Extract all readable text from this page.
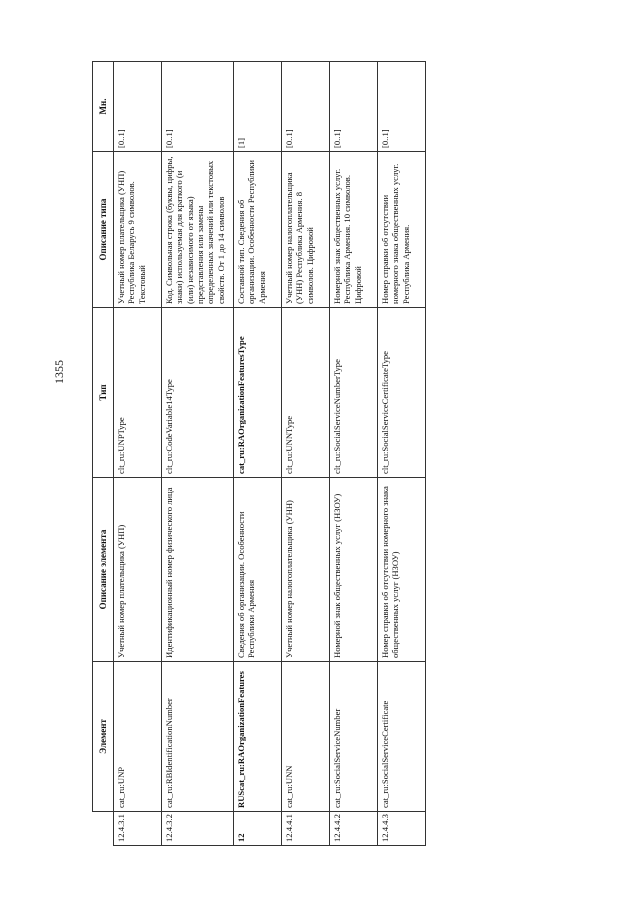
1355
	Элемент	Описание элемента	Тип	Описание типа	Мн.
12.4.3.1	cat_ru:UNP	Учетный номер плательщика (УНП)	clt_ru:UNPType	Учетный номер плательщика (УНП) Республика Беларусь 9 символов. Текстовый	[0..1]
12.4.3.2	cat_ru:RBIdentificationNumber	Идентификационный номер физического лица	clt_ru:CodeVariable14Type	Код. Символьная строка (буквы, цифры, знаки) используемая для краткого (и (или) независимого от языка) представления или замены определенных значений или текстовых свойств. От 1 до 14 символов	[0..1]
12	RUScat_ru:RAOrganizationFeatures	Сведения об организации. Особенности Республики Армения	cat_ru:RAOrganizationFeaturesType	Составной тип. Сведения об организации. Особенности Республики Армения	[1]
12.4.4.1	cat_ru:UNN	Учетный номер налогоплательщика (УНН)	clt_ru:UNNType	Учетный номер налогоплательщика (УНН) Республика Армения. 8 символов. Цифровой	[0..1]
12.4.4.2	cat_ru:SocialServiceNumber	Номерной знак общественных услуг (НЗОУ)	clt_ru:SocialServiceNumberType	Номерной знак общественных услуг. Республика Армения. 10 символов. Цифровой	[0..1]
12.4.4.3	cat_ru:SocialServiceCertificate	Номер справки об отсутствии номерного знака общественных услуг (НЗОУ)	clt_ru:SocialServiceCertificateType	Номер справки об отсутствии номерного знака общественных услуг. Республика Армения.	[0..1]
